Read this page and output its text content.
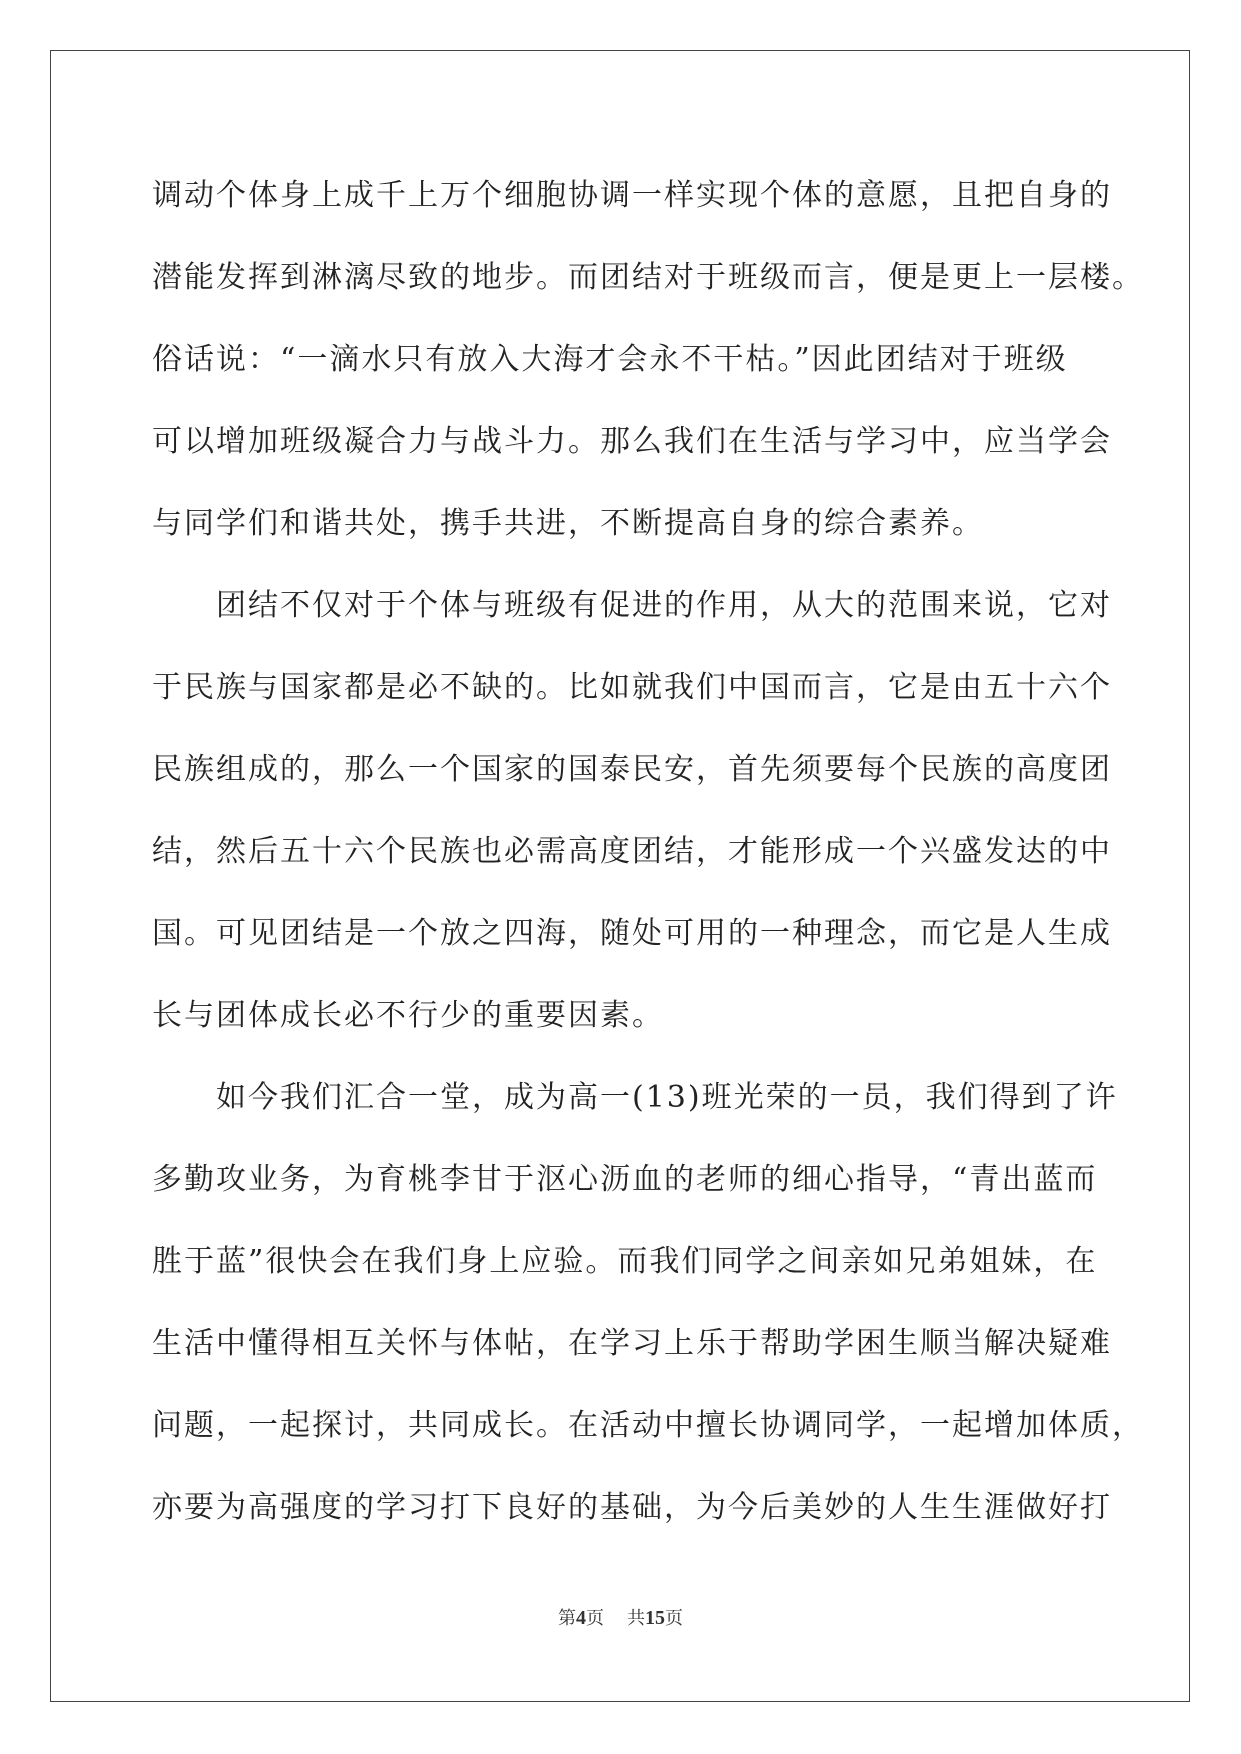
调动个体身上成千上万个细胞协调一样实现个体的意愿，且把自身的
潜能发挥到淋漓尽致的地步。而团结对于班级而言，便是更上一层楼。
俗话说：“一滴水只有放入大海才会永不干枯。”因此团结对于班级
可以增加班级凝合力与战斗力。那么我们在生活与学习中，应当学会
与同学们和谐共处，携手共进，不断提高自身的综合素养。
团结不仅对于个体与班级有促进的作用，从大的范围来说，它对
于民族与国家都是必不缺的。比如就我们中国而言，它是由五十六个
民族组成的，那么一个国家的国泰民安，首先须要每个民族的高度团
结，然后五十六个民族也必需高度团结，才能形成一个兴盛发达的中
国。可见团结是一个放之四海，随处可用的一种理念，而它是人生成
长与团体成长必不行少的重要因素。
如今我们汇合一堂，成为高一(13)班光荣的一员，我们得到了许
多勤攻业务，为育桃李甘于沤心沥血的老师的细心指导，“青出蓝而
胜于蓝”很快会在我们身上应验。而我们同学之间亲如兄弟姐妹，在
生活中懂得相互关怀与体帖，在学习上乐于帮助学困生顺当解决疑难
问题，一起探讨，共同成长。在活动中擅长协调同学，一起增加体质，
亦要为高强度的学习打下良好的基础，为今后美妙的人生生涯做好打
第4页 共15页
